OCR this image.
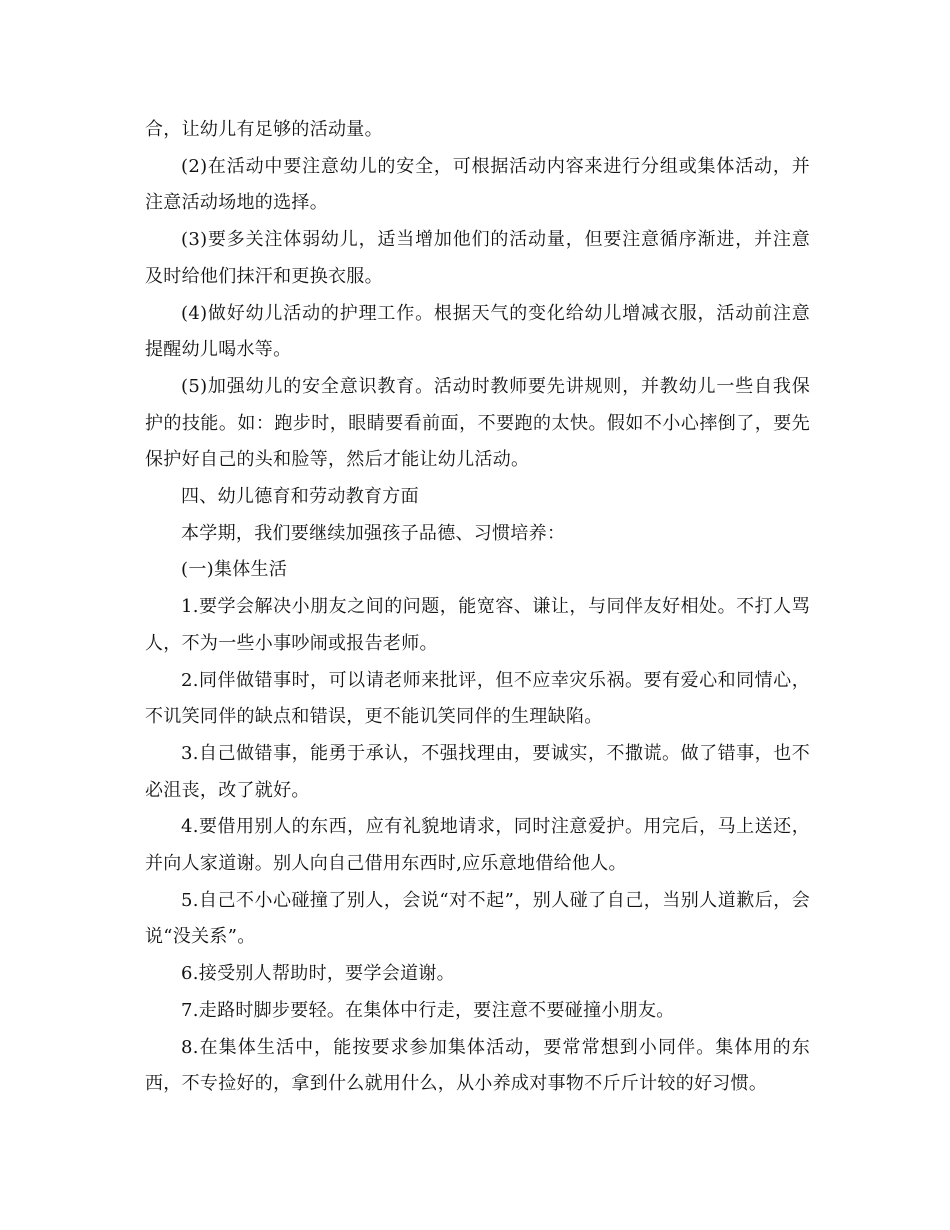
合，让幼儿有足够的活动量。

(2)在活动中要注意幼儿的安全，可根据活动内容来进行分组或集体活动，并注意活动场地的选择。

(3)要多关注体弱幼儿，适当增加他们的活动量，但要注意循序渐进，并注意及时给他们抹汗和更换衣服。

(4)做好幼儿活动的护理工作。根据天气的变化给幼儿增减衣服，活动前注意提醒幼儿喝水等。

(5)加强幼儿的安全意识教育。活动时教师要先讲规则，并教幼儿一些自我保护的技能。如：跑步时，眼睛要看前面，不要跑的太快。假如不小心摔倒了，要先保护好自己的头和脸等，然后才能让幼儿活动。

四、幼儿德育和劳动教育方面

本学期，我们要继续加强孩子品德、习惯培养：

(一)集体生活

1.要学会解决小朋友之间的问题，能宽容、谦让，与同伴友好相处。不打人骂人，不为一些小事吵闹或报告老师。

2.同伴做错事时，可以请老师来批评，但不应幸灾乐祸。要有爱心和同情心，不讥笑同伴的缺点和错误，更不能讥笑同伴的生理缺陷。

3.自己做错事，能勇于承认，不强找理由，要诚实，不撒谎。做了错事，也不必沮丧，改了就好。

4.要借用别人的东西，应有礼貌地请求，同时注意爱护。用完后，马上送还，并向人家道谢。别人向自己借用东西时,应乐意地借给他人。

5.自己不小心碰撞了别人，会说“对不起”，别人碰了自己，当别人道歉后，会说“没关系”。

6.接受别人帮助时，要学会道谢。

7.走路时脚步要轻。在集体中行走，要注意不要碰撞小朋友。

8.在集体生活中，能按要求参加集体活动，要常常想到小同伴。集体用的东西，不专捡好的，拿到什么就用什么，从小养成对事物不斤斤计较的好习惯。
